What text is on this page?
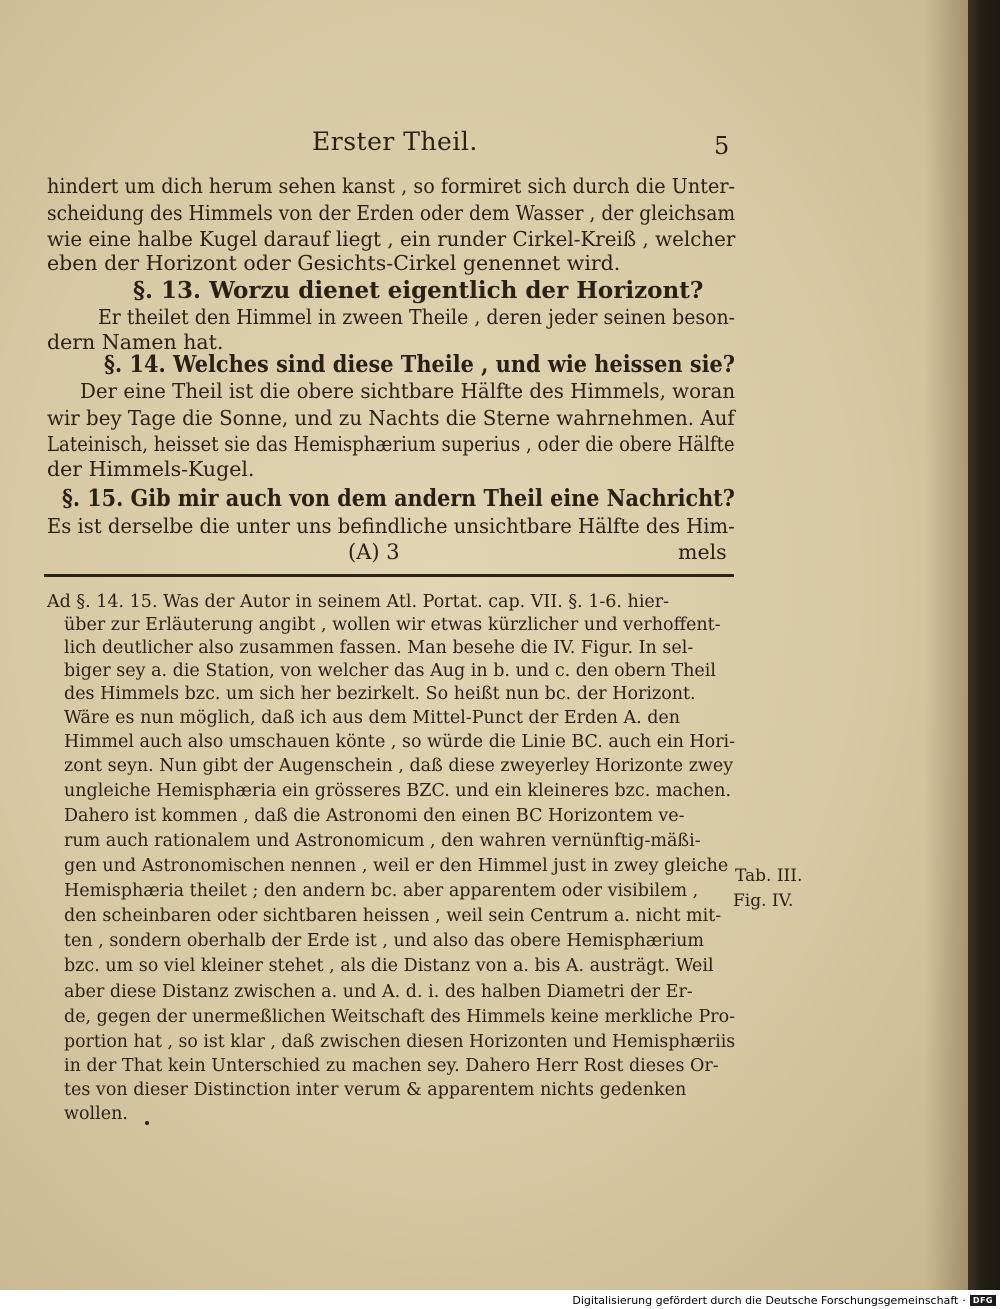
Erster Theil.	5
hindert um dich herum sehen kanst , so formiret sich durch die Unter-
scheidung des Himmels von der Erden oder dem Wasser , der gleichsam
wie eine halbe Kugel darauf liegt , ein runder Cirkel-Kreiß , welcher
eben der Horizont oder Gesichts-Cirkel genennet wird.
§. 13. Worzu dienet eigentlich der Horizont?
Er theilet den Himmel in zween Theile , deren jeder seinen beson-
dern Namen hat.
§. 14. Welches sind diese Theile , und wie heissen sie?
Der eine Theil ist die obere sichtbare Hälfte des Himmels, woran
wir bey Tage die Sonne, und zu Nachts die Sterne wahrnehmen. Auf
Lateinisch, heisset sie das Hemisphærium superius , oder die obere Hälfte
der Himmels-Kugel.
§. 15. Gib mir auch von dem andern Theil eine Nachricht?
Es ist derselbe die unter uns befindliche unsichtbare Hälfte des Him-
(A) 3	mels
Ad §. 14. 15. Was der Autor in seinem Atl. Portat. cap. VII. §. 1-6. hier-
über zur Erläuterung angibt , wollen wir etwas kürzlicher und verhoffent-
lich deutlicher also zusammen fassen. Man besehe die IV. Figur. In sel-
biger sey a. die Station, von welcher das Aug in b. und c. den obern Theil
des Himmels bzc. um sich her bezirkelt. So heißt nun bc. der Horizont.
Wäre es nun möglich, daß ich aus dem Mittel-Punct der Erden A. den
Himmel auch also umschauen könte , so würde die Linie BC. auch ein Hori-
zont seyn. Nun gibt der Augenschein , daß diese zweyerley Horizonte zwey
ungleiche Hemisphæria ein grösseres BZC. und ein kleineres bzc. machen.
Dahero ist kommen , daß die Astronomi den einen BC Horizontem ve-
rum auch rationalem und Astronomicum , den wahren vernünftig-mäßi-
gen und Astronomischen nennen , weil er den Himmel just in zwey gleiche
Hemisphæria theilet ; den andern bc. aber apparentem oder visibilem ,
den scheinbaren oder sichtbaren heissen , weil sein Centrum a. nicht mit-
ten , sondern oberhalb der Erde ist , und also das obere Hemisphærium
bzc. um so viel kleiner stehet , als die Distanz von a. bis A. austrägt. Weil
aber diese Distanz zwischen a. und A. d. i. des halben Diametri der Er-
de, gegen der unermeßlichen Weitschaft des Himmels keine merkliche Pro-
portion hat , so ist klar , daß zwischen diesen Horizonten und Hemisphæriis
in der That kein Unterschied zu machen sey. Dahero Herr Rost dieses Or-
tes von dieser Distinction inter verum & apparentem nichts gedenken
wollen.
Tab. III.
Fig. IV.
Digitalisierung gefördert durch die Deutsche Forschungsgemeinschaft · DFG
